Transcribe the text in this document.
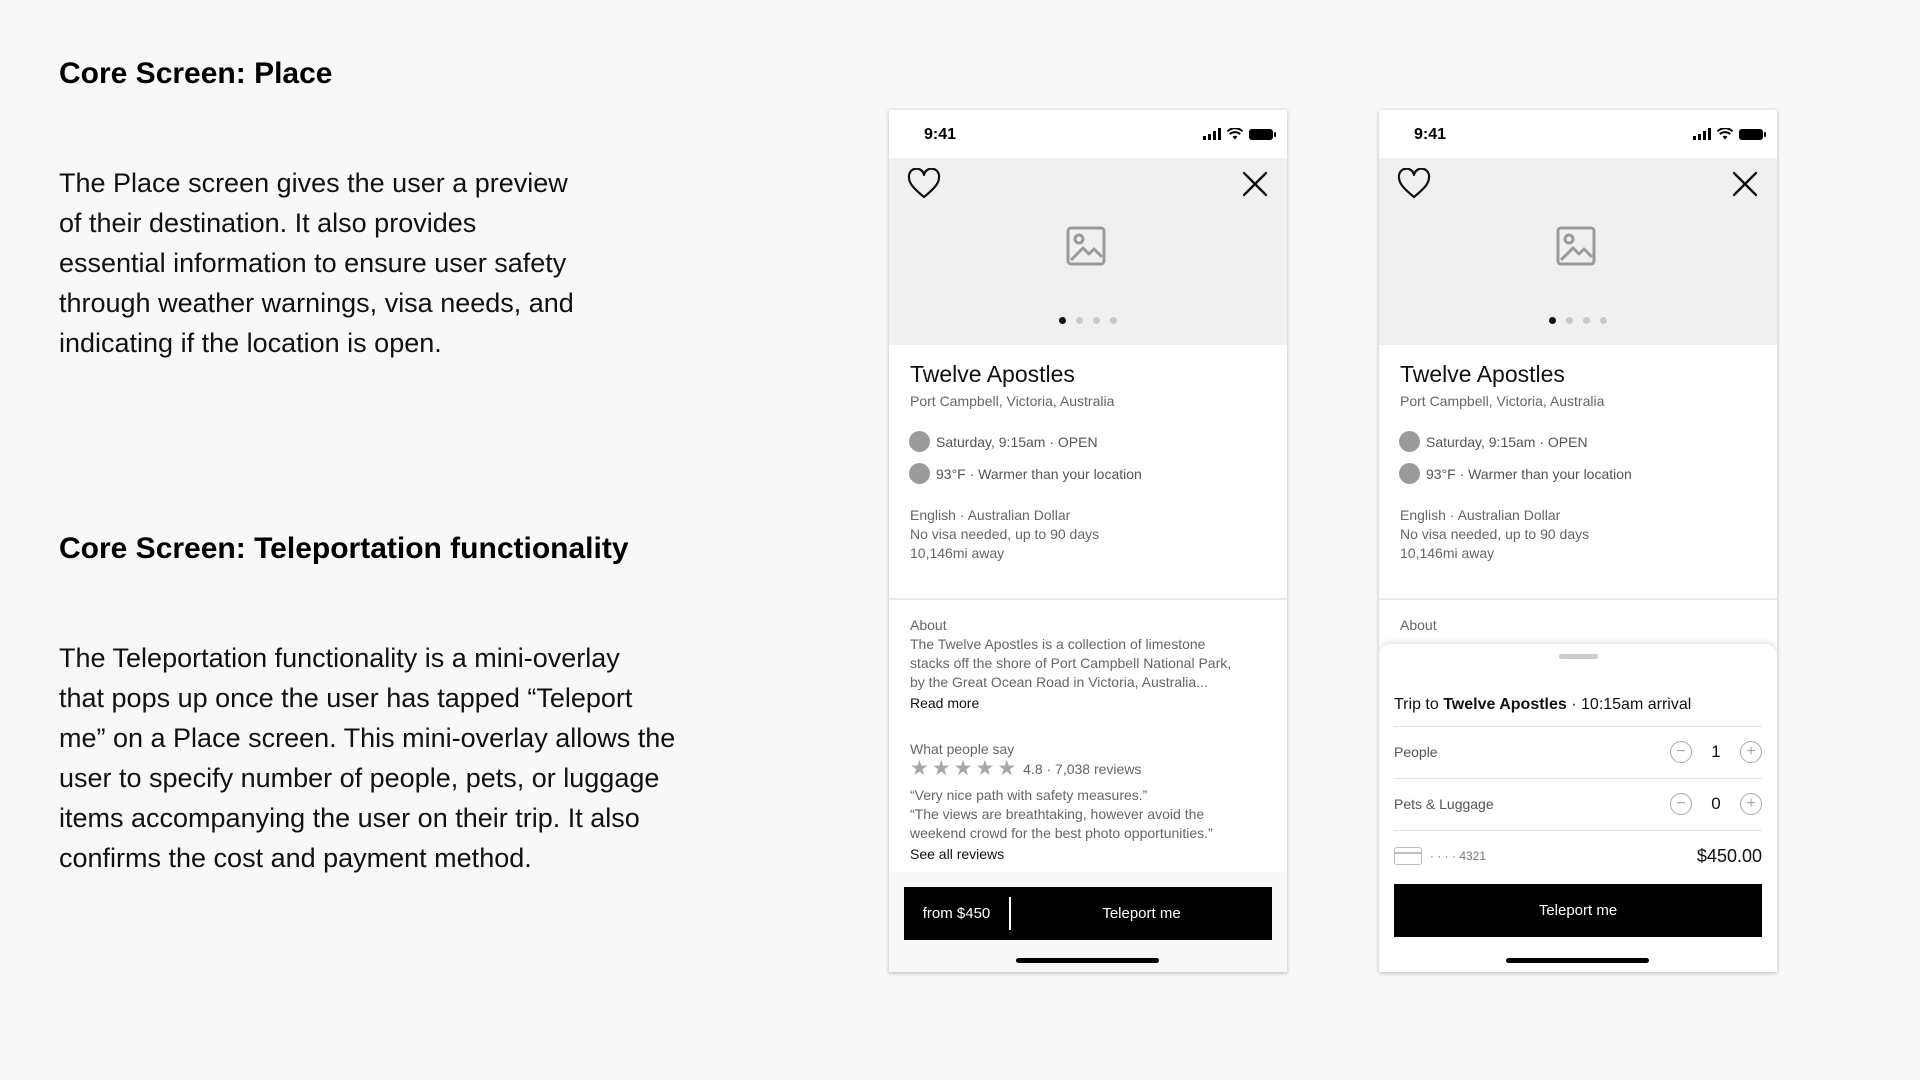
Core Screen: Place
The Place screen gives the user a preview
of their destination. It also provides
essential information to ensure user safety
through weather warnings, visa needs, and
indicating if the location is open.
Core Screen: Teleportation functionality
The Teleportation functionality is a mini-overlay
that pops up once the user has tapped “Teleport
me” on a Place screen. This mini-overlay allows the
user to specify number of people, pets, or luggage
items accompanying the user on their trip. It also
confirms the cost and payment method.
9:41
Twelve Apostles
Port Campbell, Victoria, Australia
Saturday, 9:15am · OPEN
93°F · Warmer than your location
English · Australian Dollar
No visa needed, up to 90 days
10,146mi away
About
The Twelve Apostles is a collection of limestone
stacks off the shore of Port Campbell National Park,
by the Great Ocean Road in Victoria, Australia...
Read more
What people say
★ ★ ★ ★ ★ 4.8 · 7,038 reviews
“Very nice path with safety measures.”
“The views are breathtaking, however avoid the
weekend crowd for the best photo opportunities.”
See all reviews
from $450	Teleport me
9:41
Twelve Apostles
Port Campbell, Victoria, Australia
Saturday, 9:15am · OPEN
93°F · Warmer than your location
English · Australian Dollar
No visa needed, up to 90 days
10,146mi away
About
Trip to Twelve Apostles · 10:15am arrival
People	−	1	+
Pets & Luggage	−	0	+
· · · · 4321	$450.00
Teleport me
